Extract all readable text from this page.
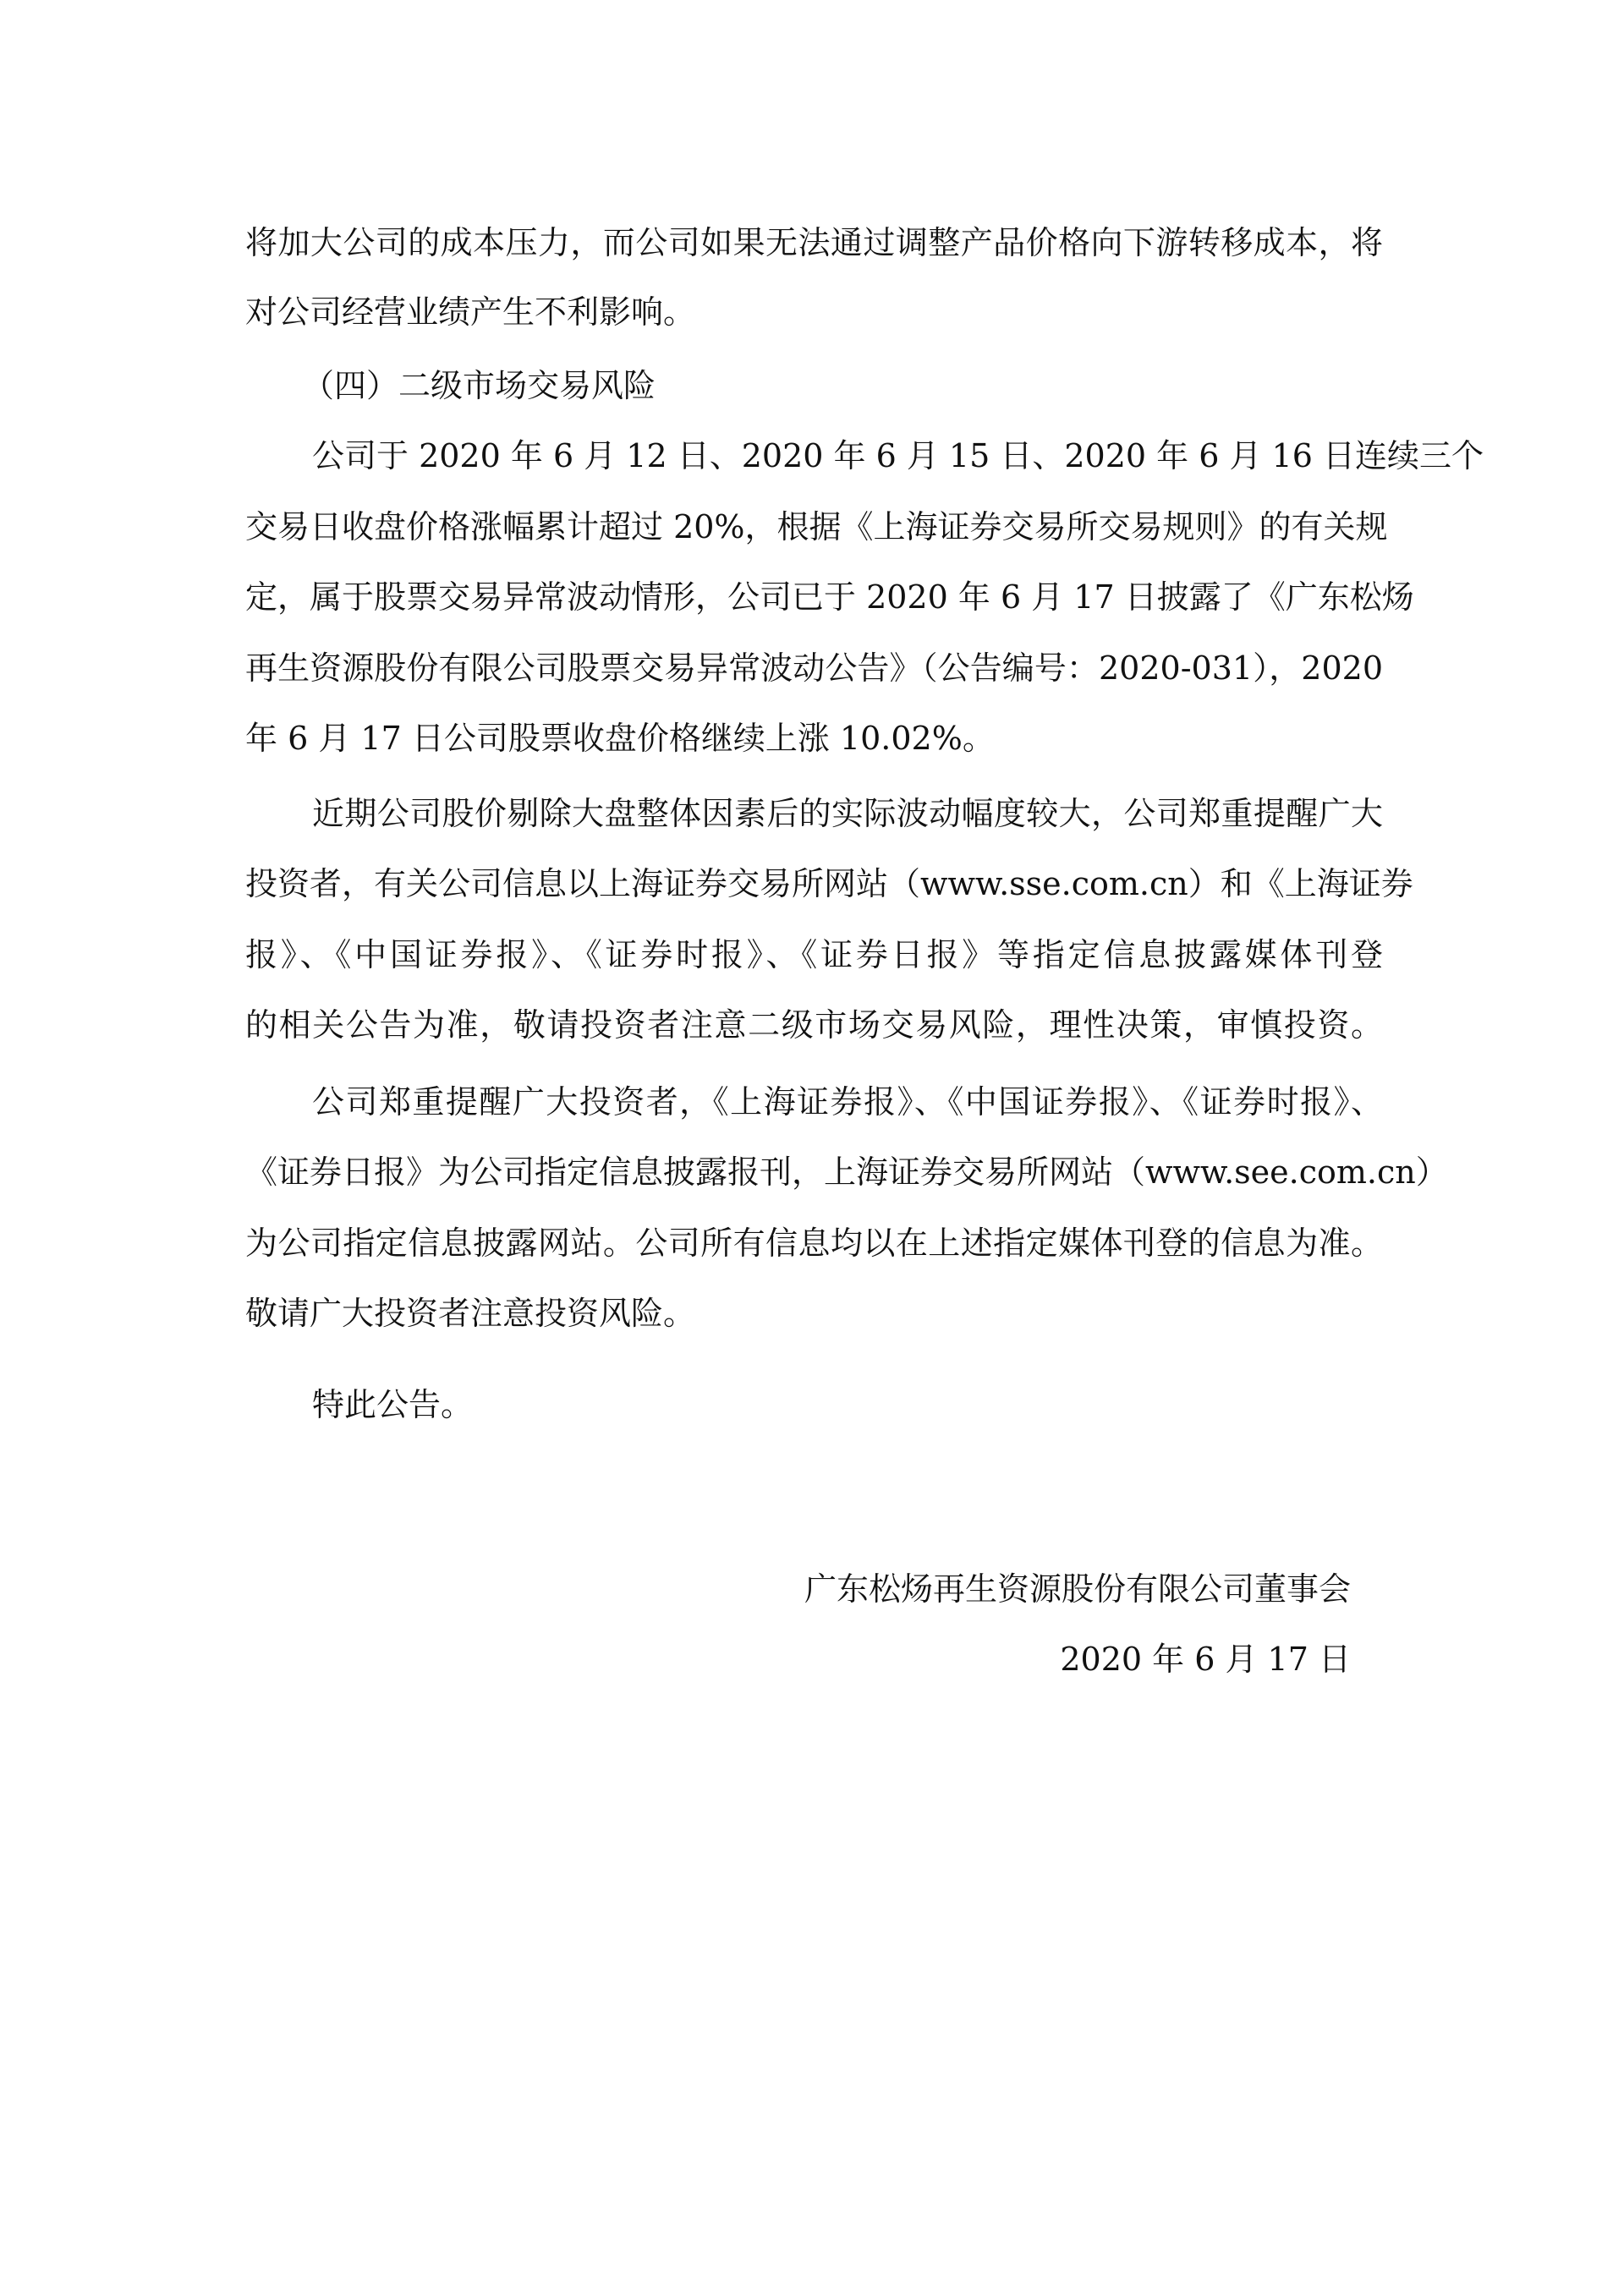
将加大公司的成本压力，而公司如果无法通过调整产品价格向下游转移成本，将
对公司经营业绩产生不利影响。
（四）二级市场交易风险
公司于 2020 年 6 月 12 日、2020 年 6 月 15 日、2020 年 6 月 16 日连续三个
交易日收盘价格涨幅累计超过 20%，根据《上海证券交易所交易规则》的有关规
定，属于股票交易异常波动情形，公司已于 2020 年 6 月 17 日披露了《广东松炀
再生资源股份有限公司股票交易异常波动公告》（公告编号：2020-031），2020
年 6 月 17 日公司股票收盘价格继续上涨 10.02%。
近期公司股价剔除大盘整体因素后的实际波动幅度较大，公司郑重提醒广大
投资者，有关公司信息以上海证券交易所网站（www.sse.com.cn）和《上海证券
报》、《中国证券报》、《证券时报》、《证券日报》等指定信息披露媒体刊登
的相关公告为准，敬请投资者注意二级市场交易风险，理性决策，审慎投资。
公司郑重提醒广大投资者，《上海证券报》、《中国证券报》、《证券时报》、
《证券日报》为公司指定信息披露报刊，上海证券交易所网站（www.see.com.cn）
为公司指定信息披露网站。公司所有信息均以在上述指定媒体刊登的信息为准。
敬请广大投资者注意投资风险。
特此公告。
广东松炀再生资源股份有限公司董事会
2020 年 6 月 17 日
